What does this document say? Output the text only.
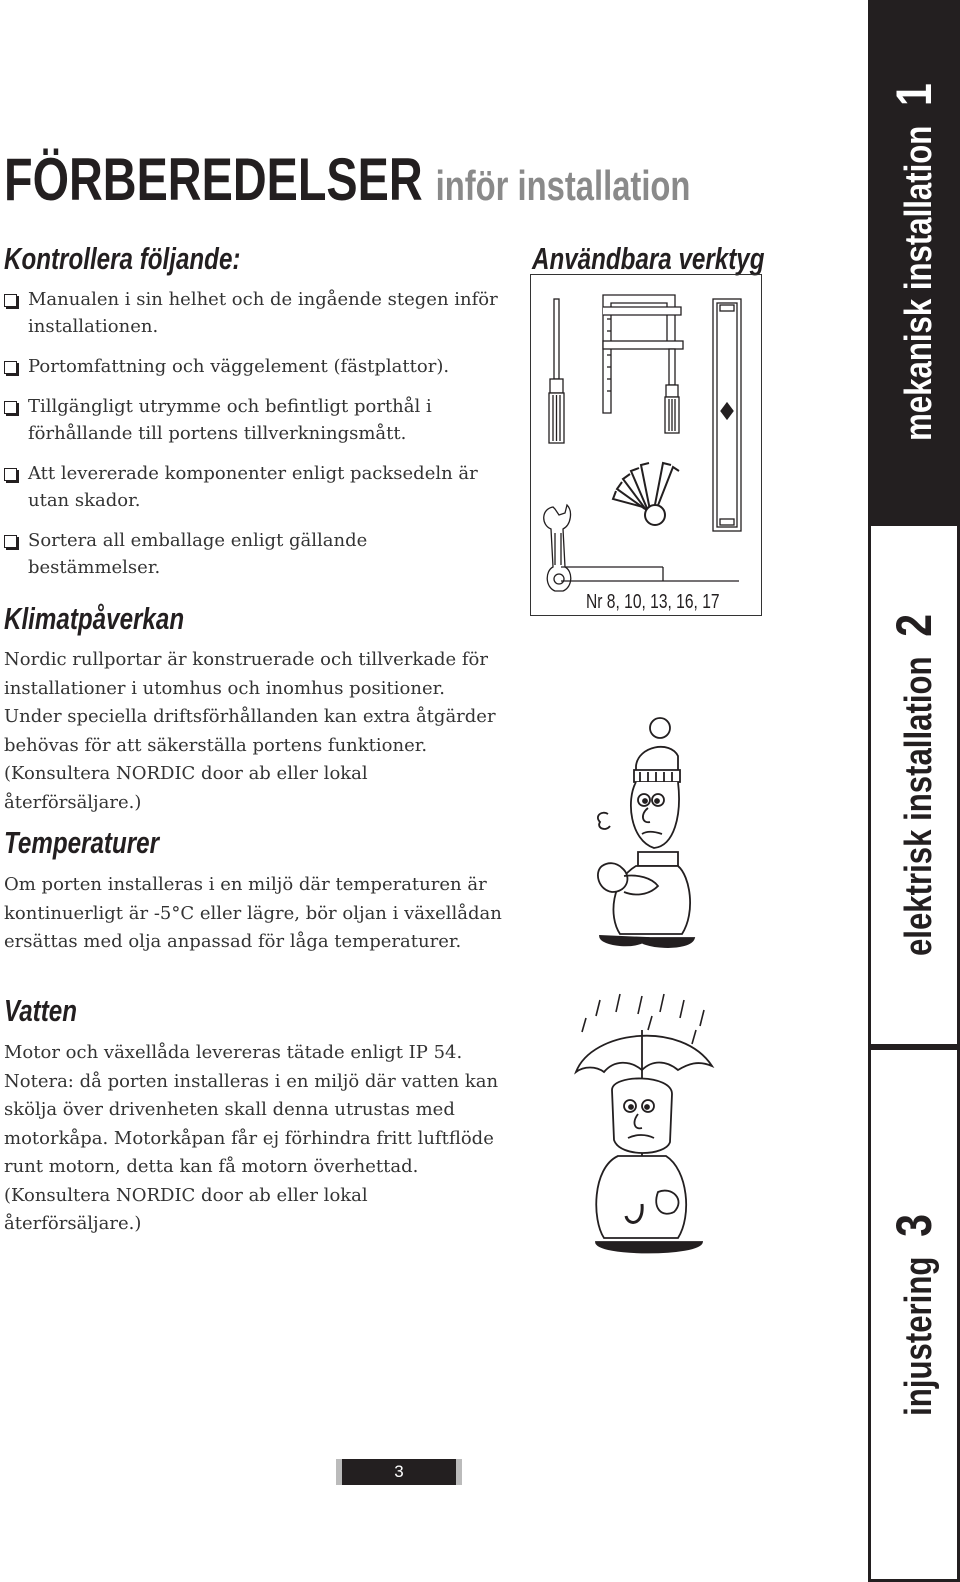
FÖRBEREDELSER inför installation
Kontrollera följande:
Manualen i sin helhet och de ingående stegen inför installationen.
Portomfattning och väggelement (fästplattor).
Tillgängligt utrymme och befintligt porthål i förhållande till portens tillverkningsmått.
Att levererade komponenter enligt packsedeln är utan skador.
Sortera all emballage enligt gällande bestämmelser.
Klimatpåverkan

Nordic rullportar är konstruerade och tillverkade för installationer i utomhus och inomhus positioner. Under speciella driftsförhållanden kan extra åtgärder behövas för att säkerställa portens funktioner. (Konsultera NORDIC door ab eller lokal återförsäljare.)

Temperaturer

Om porten installeras i en miljö där temperaturen är kontinuerligt är -5°C eller lägre, bör oljan i växellådan ersättas med olja anpassad för låga temperaturer.

Vatten

Motor och växellåda levereras tätade enligt IP 54. Notera: då porten installeras i en miljö där vatten kan skölja över drivenheten skall denna utrustas med motorkåpa. Motorkåpan får ej förhindra fritt luftflöde runt motorn, detta kan få motorn överhettad. (Konsultera NORDIC door ab eller lokal återförsäljare.)

Användbara verktyg
Nr 8, 10, 13, 16, 17
mekanisk installation1
elektrisk installation2
injustering3
3
